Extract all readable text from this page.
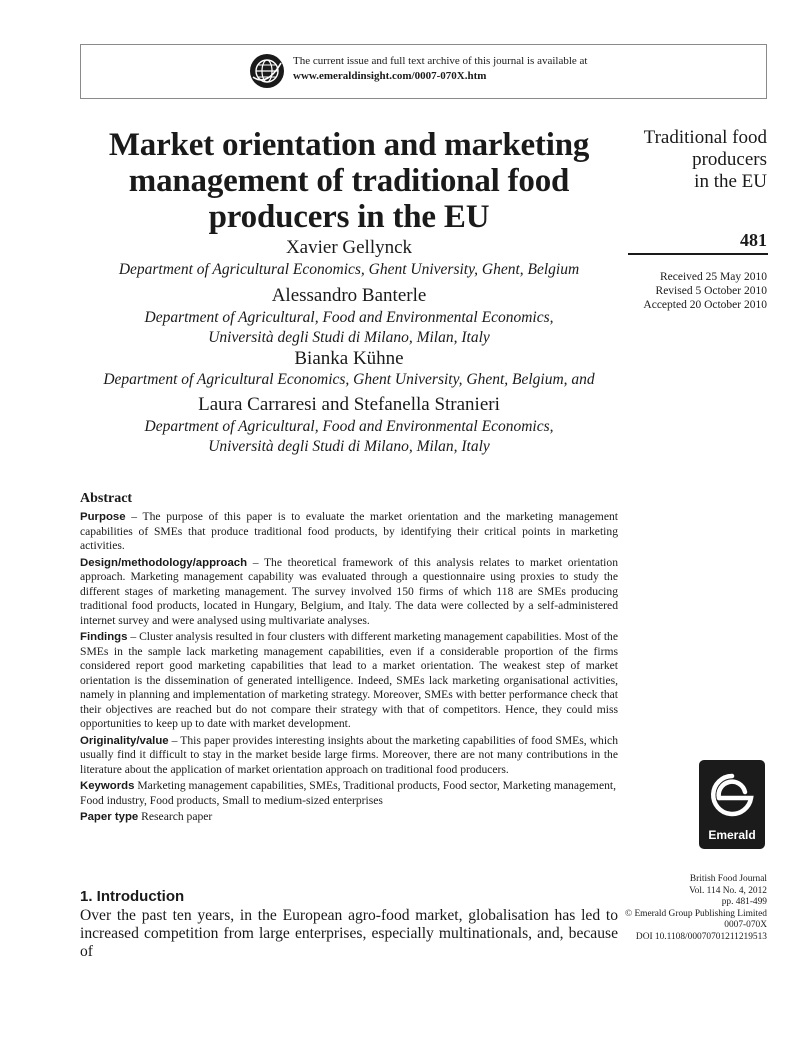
The current issue and full text archive of this journal is available at
www.emeraldinsight.com/0007-070X.htm
Market orientation and marketing management of traditional food producers in the EU
Xavier Gellynck
Department of Agricultural Economics, Ghent University, Ghent, Belgium
Alessandro Banterle
Department of Agricultural, Food and Environmental Economics,
Università degli Studi di Milano, Milan, Italy
Bianka Kühne
Department of Agricultural Economics, Ghent University, Ghent, Belgium, and
Laura Carraresi and Stefanella Stranieri
Department of Agricultural, Food and Environmental Economics,
Università degli Studi di Milano, Milan, Italy
Traditional food
producers
in the EU
481
Received 25 May 2010
Revised 5 October 2010
Accepted 20 October 2010
Abstract

Purpose – The purpose of this paper is to evaluate the market orientation and the marketing management capabilities of SMEs that produce traditional food products, by identifying their critical points in marketing activities.

Design/methodology/approach – The theoretical framework of this analysis relates to market orientation approach. Marketing management capability was evaluated through a questionnaire using proxies to study the different stages of marketing management. The survey involved 150 firms of which 118 are SMEs producing traditional food products, located in Hungary, Belgium, and Italy. The data were collected by a self-administered internet survey and were analysed using multivariate analyses.

Findings – Cluster analysis resulted in four clusters with different marketing management capabilities. Most of the SMEs in the sample lack marketing management capabilities, even if a considerable proportion of the firms considered report good marketing capabilities that lead to a market orientation. The weakest step of market orientation is the dissemination of generated intelligence. Indeed, SMEs lack marketing organisational activities, namely in planning and implementation of marketing strategy. Moreover, SMEs with better performance check that their objectives are reached but do not compare their strategy with that of competitors. Hence, they could miss opportunities to keep up to date with market development.

Originality/value – This paper provides interesting insights about the marketing capabilities of food SMEs, which usually find it difficult to stay in the market beside large firms. Moreover, there are not many contributions in the literature about the application of market orientation approach on traditional food producers.

Keywords Marketing management capabilities, SMEs, Traditional products, Food sector, Marketing management, Food industry, Food products, Small to medium-sized enterprises

Paper type Research paper

Emerald
British Food Journal
Vol. 114 No. 4, 2012
pp. 481-499
© Emerald Group Publishing Limited
0007-070X
DOI 10.1108/00070701211219513
1. Introduction
Over the past ten years, in the European agro-food market, globalisation has led to increased competition from large enterprises, especially multinationals, and, because of
